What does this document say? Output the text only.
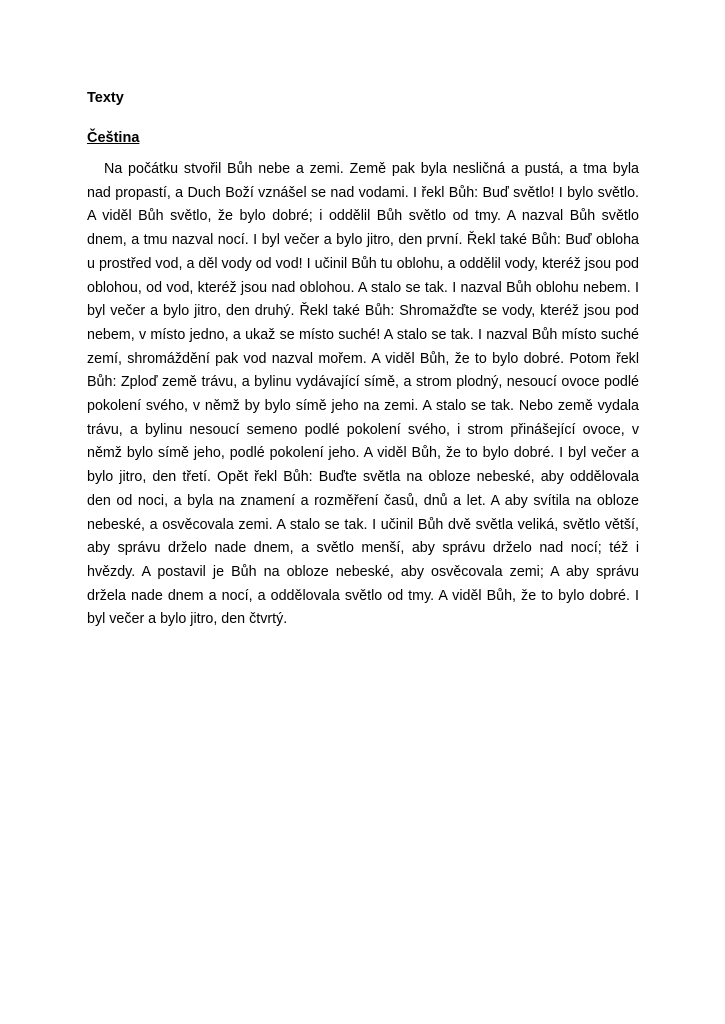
Texty
Čeština

Na počátku stvořil Bůh nebe a zemi. Země pak byla nesličná a pustá, a tma byla nad propastí, a Duch Boží vznášel se nad vodami. I řekl Bůh: Buď světlo! I bylo světlo. A viděl Bůh světlo, že bylo dobré; i oddělil Bůh světlo od tmy. A nazval Bůh světlo dnem, a tmu nazval nocí. I byl večer a bylo jitro, den první. Řekl také Bůh: Buď obloha u prostřed vod, a děl vody od vod! I učinil Bůh tu oblohu, a oddělil vody, kteréž jsou pod oblohou, od vod, kteréž jsou nad oblohou. A stalo se tak. I nazval Bůh oblohu nebem. I byl večer a bylo jitro, den druhý. Řekl také Bůh: Shromažďte se vody, kteréž jsou pod nebem, v místo jedno, a ukaž se místo suché! A stalo se tak. I nazval Bůh místo suché zemí, shromáždění pak vod nazval mořem. A viděl Bůh, že to bylo dobré. Potom řekl Bůh: Zploď země trávu, a bylinu vydávající símě, a strom plodný, nesoucí ovoce podlé pokolení svého, v němž by bylo símě jeho na zemi. A stalo se tak. Nebo země vydala trávu, a bylinu nesoucí semeno podlé pokolení svého, i strom přinášející ovoce, v němž bylo símě jeho, podlé pokolení jeho. A viděl Bůh, že to bylo dobré. I byl večer a bylo jitro, den třetí. Opět řekl Bůh: Buďte světla na obloze nebeské, aby oddělovala den od noci, a byla na znamení a rozměření časů, dnů a let. A aby svítila na obloze nebeské, a osvěcovala zemi. A stalo se tak. I učinil Bůh dvě světla veliká, světlo větší, aby správu drželo nade dnem, a světlo menší, aby správu drželo nad nocí; též i hvězdy. A postavil je Bůh na obloze nebeské, aby osvěcovala zemi; A aby správu držela nade dnem a nocí, a oddělovala světlo od tmy. A viděl Bůh, že to bylo dobré. I byl večer a bylo jitro, den čtvrtý.
